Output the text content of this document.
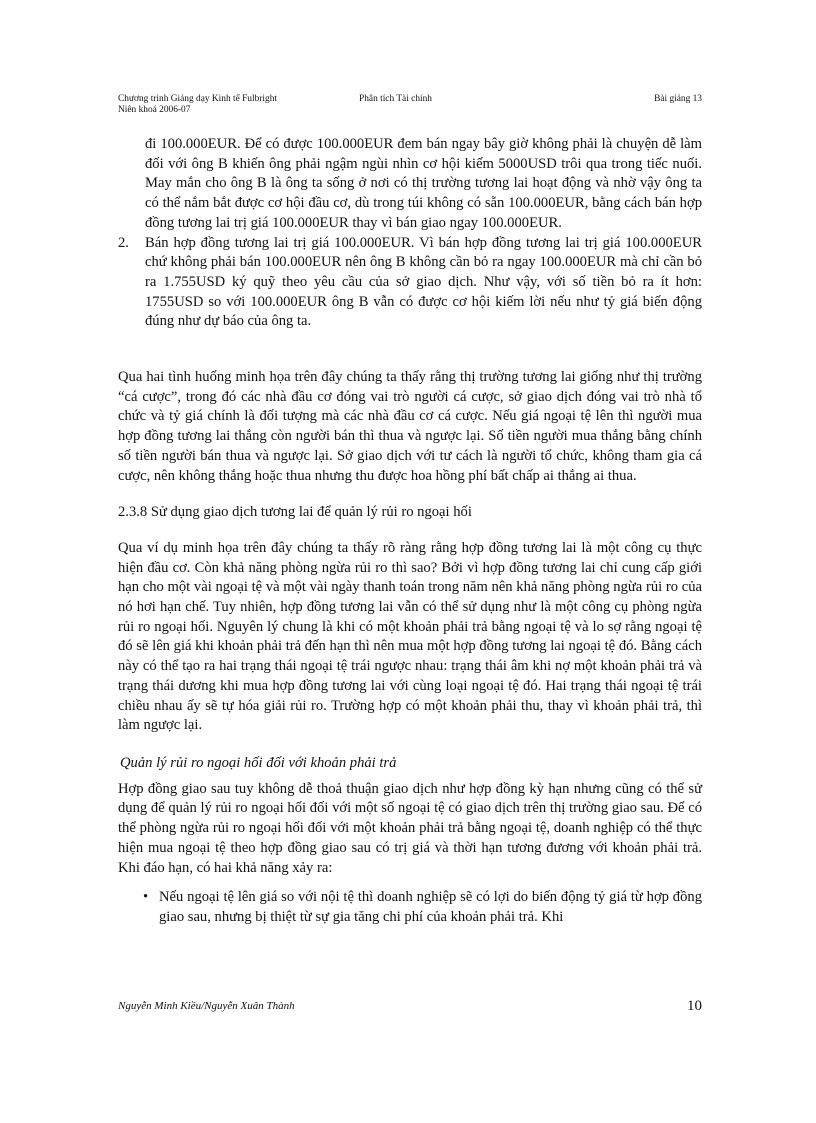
Chương trình Giảng dạy Kinh tế Fulbright
Niên khoá 2006-07
Phân tích Tài chính	Bài giảng 13

đi 100.000EUR. Để có được 100.000EUR đem bán ngay bây giờ không phải là chuyện dễ làm đối với ông B khiến ông phải ngậm ngùi nhìn cơ hội kiếm 5000USD trôi qua trong tiếc nuối. May mắn cho ông B là ông ta sống ở nơi có thị trường tương lai hoạt động và nhờ vậy ông ta có thể nắm bắt được cơ hội đầu cơ, dù trong túi không có sẵn 100.000EUR, bằng cách bán hợp đồng tương lai trị giá 100.000EUR thay vì bán giao ngay 100.000EUR.

2. Bán hợp đồng tương lai trị giá 100.000EUR. Vì bán hợp đồng tương lai trị giá 100.000EUR chứ không phải bán 100.000EUR nên ông B không cần bỏ ra ngay 100.000EUR mà chỉ cần bỏ ra 1.755USD ký quỹ theo yêu cầu của sở giao dịch. Như vậy, với số tiền bỏ ra ít hơn: 1755USD so với 100.000EUR ông B vẫn có được cơ hội kiếm lời nếu như tỷ giá biến động đúng như dự báo của ông ta.

Qua hai tình huống minh họa trên đây chúng ta thấy rằng thị trường tương lai giống như thị trường “cá cược”, trong đó các nhà đầu cơ đóng vai trò người cá cược, sở giao dịch đóng vai trò nhà tổ chức và tỷ giá chính là đối tượng mà các nhà đầu cơ cá cược. Nếu giá ngoại tệ lên thì người mua hợp đồng tương lai thắng còn người bán thì thua và ngược lại. Số tiền người mua thắng bằng chính số tiền người bán thua và ngược lại. Sở giao dịch với tư cách là người tổ chức, không tham gia cá cược, nên không thắng hoặc thua nhưng thu được hoa hồng phí bất chấp ai thắng ai thua.

2.3.8 Sử dụng giao dịch tương lai để quản lý rủi ro ngoại hối

Qua ví dụ minh họa trên đây chúng ta thấy rõ ràng rằng hợp đồng tương lai là một công cụ thực hiện đầu cơ. Còn khả năng phòng ngừa rủi ro thì sao? Bởi vì hợp đồng tương lai chỉ cung cấp giới hạn cho một vài ngoại tệ và một vài ngày thanh toán trong năm nên khả năng phòng ngừa rủi ro của nó hơi hạn chế. Tuy nhiên, hợp đồng tương lai vẫn có thể sử dụng như là một công cụ phòng ngừa rủi ro ngoại hối. Nguyên lý chung là khi có một khoản phải trả bằng ngoại tệ và lo sợ rằng ngoại tệ đó sẽ lên giá khi khoản phải trả đến hạn thì nên mua một hợp đồng tương lai ngoại tệ đó. Bằng cách này có thể tạo ra hai trạng thái ngoại tệ trái ngược nhau: trạng thái âm khi nợ một khoản phải trả và trạng thái dương khi mua hợp đồng tương lai với cùng loại ngoại tệ đó. Hai trạng thái ngoại tệ trái chiều nhau ấy sẽ tự hóa giải rủi ro. Trường hợp có một khoản phải thu, thay vì khoản phải trả, thì làm ngược lại.

Quản lý rủi ro ngoại hối đối với khoản phải trả

Hợp đồng giao sau tuy không dễ thoả thuận giao dịch như hợp đồng kỳ hạn nhưng cũng có thể sử dụng để quản lý rủi ro ngoại hối đối với một số ngoại tệ có giao dịch trên thị trường giao sau. Để có thể phòng ngừa rủi ro ngoại hối đối với một khoản phải trả bằng ngoại tệ, doanh nghiệp có thể thực hiện mua ngoại tệ theo hợp đồng giao sau có trị giá và thời hạn tương đương với khoản phải trả. Khi đáo hạn, có hai khả năng xảy ra:

• Nếu ngoại tệ lên giá so với nội tệ thì doanh nghiệp sẽ có lợi do biến động tỷ giá từ hợp đồng giao sau, nhưng bị thiệt từ sự gia tăng chi phí của khoản phải trả. Khi
Nguyễn Minh Kiều/Nguyễn Xuân Thành	10
